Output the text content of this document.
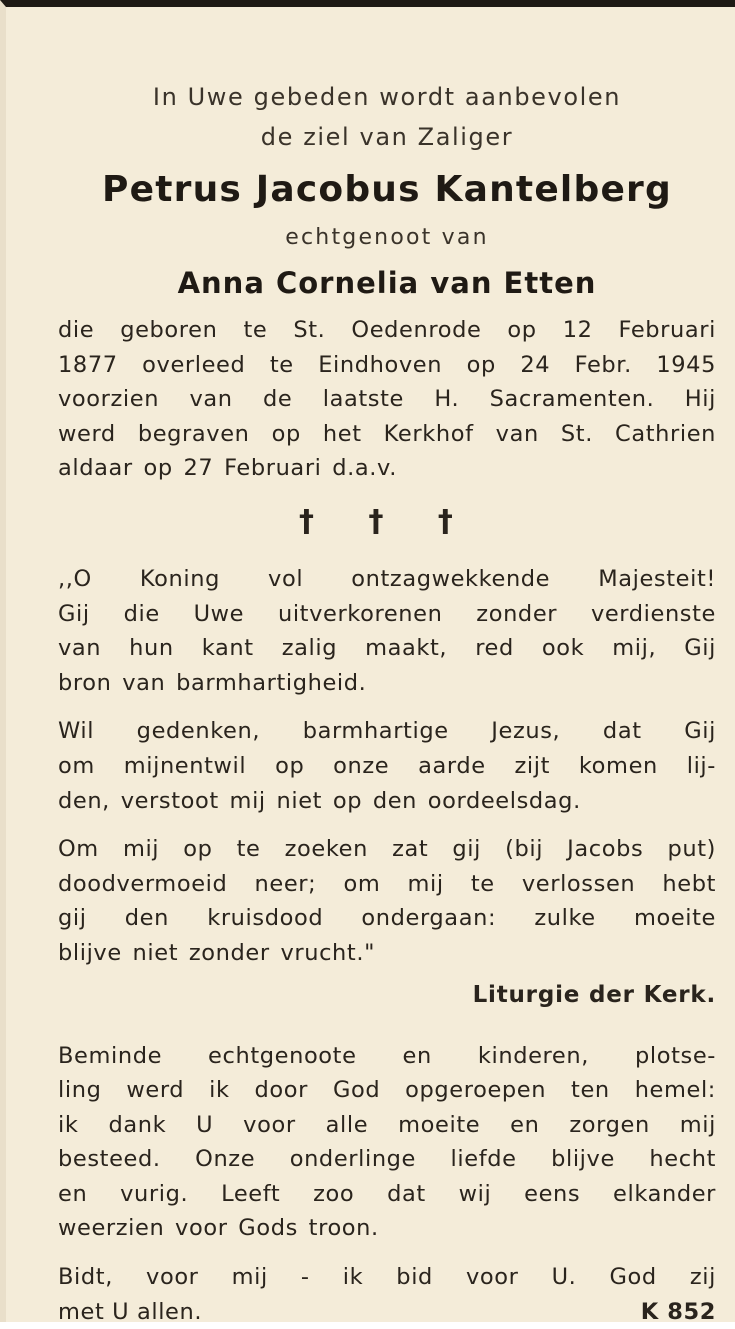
In Uwe gebeden wordt aanbevolen

de ziel van Zaliger

Petrus Jacobus Kantelberg

echtgenoot van

Anna Cornelia van Etten

die geboren te St. Oedenrode op 12 Februari

1877 overleed te Eindhoven op 24 Febr. 1945

voorzien van de laatste H. Sacramenten. Hij

werd begraven op het Kerkhof van St. Cathrien

aldaar op 27 Februari d.a.v.

† † †

,,O Koning vol ontzagwekkende Majesteit!

Gij die Uwe uitverkorenen zonder verdienste

van hun kant zalig maakt, red ook mij, Gij

bron van barmhartigheid.

Wil gedenken, barmhartige Jezus, dat Gij

om mijnentwil op onze aarde zijt komen lij-

den, verstoot mij niet op den oordeelsdag.

Om mij op te zoeken zat gij (bij Jacobs put)

doodvermoeid neer; om mij te verlossen hebt

gij den kruisdood ondergaan: zulke moeite

blijve niet zonder vrucht."

Liturgie der Kerk.

Beminde echtgenoote en kinderen, plotse-

ling werd ik door God opgeroepen ten hemel:

ik dank U voor alle moeite en zorgen mij

besteed. Onze onderlinge liefde blijve hecht

en vurig. Leeft zoo dat wij eens elkander

weerzien voor Gods troon.

Bidt, voor mij - ik bid voor U. God zij

met U allen.	K 852
